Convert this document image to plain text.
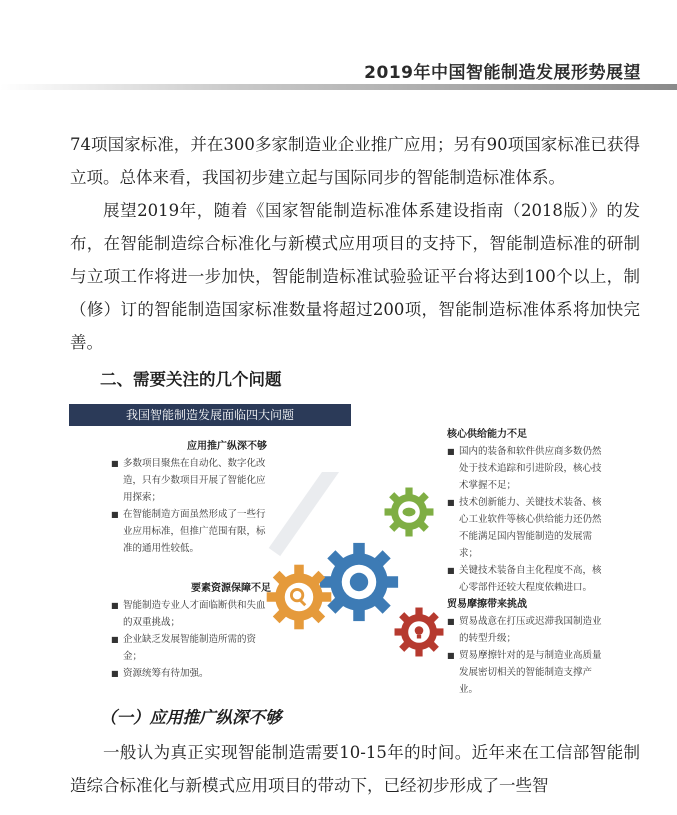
2019年中国智能制造发展形势展望

74项国家标准，并在300多家制造业企业推广应用；另有90项国家标准已获得立项。总体来看，我国初步建立起与国际同步的智能制造标准体系。

展望2019年，随着《国家智能制造标准体系建设指南（2018版）》的发布，在智能制造综合标准化与新模式应用项目的支持下，智能制造标准的研制与立项工作将进一步加快，智能制造标准试验验证平台将达到100个以上，制（修）订的智能制造国家标准数量将超过200项，智能制造标准体系将加快完善。

二、需要关注的几个问题
我国智能制造发展面临四大问题
应用推广纵深不够
■ 多数项目聚焦在自动化、数字化改造，只有少数项目开展了智能化应用探索；
■ 在智能制造方面虽然形成了一些行业应用标准，但推广范围有限，标准的通用性较低。
要素资源保障不足
■ 智能制造专业人才面临断供和失血的双重挑战；
■ 企业缺乏发展智能制造所需的资金；
■ 资源统筹有待加强。
核心供给能力不足
■ 国内的装备和软件供应商多数仍然处于技术追踪和引进阶段，核心技术掌握不足；
■ 技术创新能力、关键技术装备、核心工业软件等核心供给能力还仍然不能满足国内智能制造的发展需求；
■ 关键技术装备自主化程度不高，核心零部件还较大程度依赖进口。
贸易摩擦带来挑战
■ 贸易战意在打压或迟滞我国制造业的转型升级；
■ 贸易摩擦针对的是与制造业高质量发展密切相关的智能制造支撑产业。
（一）应用推广纵深不够

一般认为真正实现智能制造需要10-15年的时间。近年来在工信部智能制造综合标准化与新模式应用项目的带动下，已经初步形成了一些智
